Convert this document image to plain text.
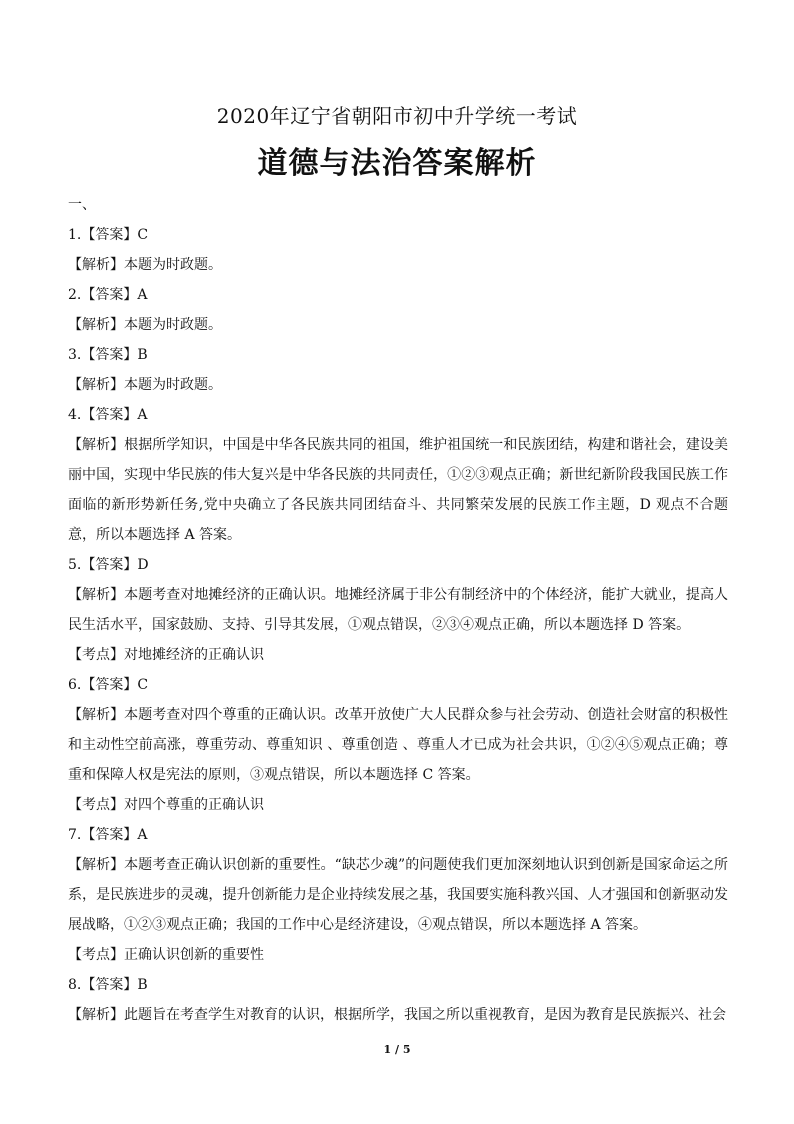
2020年辽宁省朝阳市初中升学统一考试
道德与法治答案解析
一、
1.【答案】C
【解析】本题为时政题。
2.【答案】A
【解析】本题为时政题。
3.【答案】B
【解析】本题为时政题。
4.【答案】A

【解析】根据所学知识，中国是中华各民族共同的祖国，维护祖国统一和民族团结，构建和谐社会，建设美丽中国，实现中华民族的伟大复兴是中华各民族的共同责任，①②③观点正确；新世纪新阶段我国民族工作面临的新形势新任务,党中央确立了各民族共同团结奋斗、共同繁荣发展的民族工作主题，D 观点不合题意，所以本题选择 A 答案。

5.【答案】D

【解析】本题考查对地摊经济的正确认识。地摊经济属于非公有制经济中的个体经济，能扩大就业，提高人民生活水平，国家鼓励、支持、引导其发展，①观点错误，②③④观点正确，所以本题选择 D 答案。

【考点】对地摊经济的正确认识
6.【答案】C

【解析】本题考查对四个尊重的正确认识。改革开放使广大人民群众参与社会劳动、创造社会财富的积极性和主动性空前高涨，尊重劳动、尊重知识 、尊重创造 、尊重人才已成为社会共识，①②④⑤观点正确；尊重和保障人权是宪法的原则，③观点错误，所以本题选择 C 答案。

【考点】对四个尊重的正确认识
7.【答案】A

【解析】本题考查正确认识创新的重要性。“缺芯少魂”的问题使我们更加深刻地认识到创新是国家命运之所系，是民族进步的灵魂，提升创新能力是企业持续发展之基，我国要实施科教兴国、人才强国和创新驱动发展战略，①②③观点正确；我国的工作中心是经济建设，④观点错误，所以本题选择 A 答案。

【考点】正确认识创新的重要性
8.【答案】B
【解析】此题旨在考查学生对教育的认识，根据所学，我国之所以重视教育，是因为教育是民族振兴、社会
1 / 5
